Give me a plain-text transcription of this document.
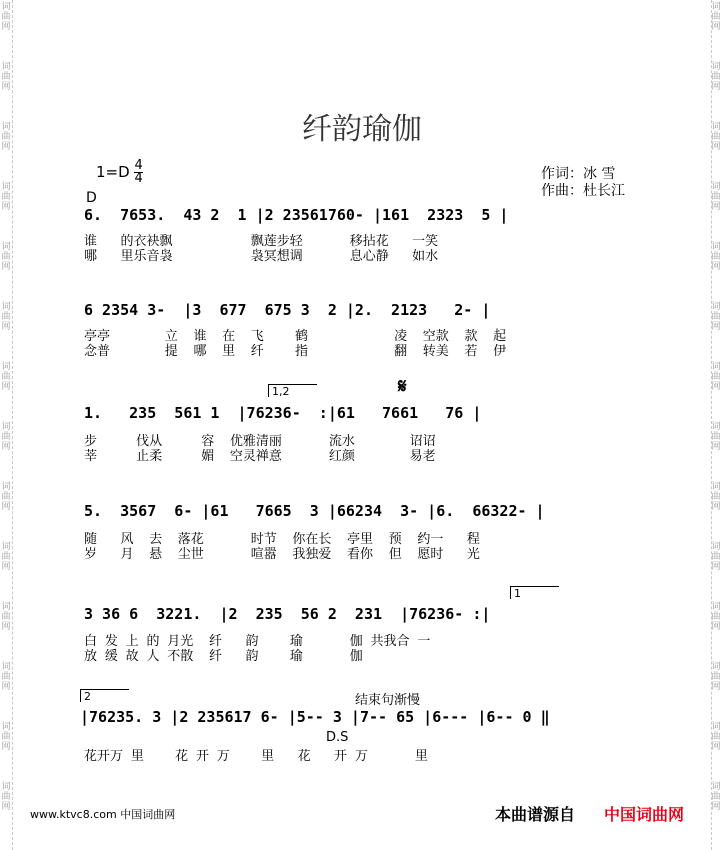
词
曲
网
词
曲
网
词
曲
网
词
曲
网
词
曲
网
词
曲
网
词
曲
网
词
曲
网
词
曲
网
词
曲
网
词
曲
网
词
曲
网
词
曲
网
词
曲
网
词
曲
网
词
曲
网
词
曲
网
词
曲
网
词
曲
网
词
曲
网
词
曲
网
词
曲
网
词
曲
网
词
曲
网
词
曲
网
词
曲
网
词
曲
网
词
曲
网
纤韵瑜伽
$1=D \frac{4}{4}$	作词：冰 雪
作曲：杜长江
D
6.  7653.  43 2  1 |2 23561760- |161  2323  5 |
谁   的衣袂飘          飘莲步轻      移拈花   一笑
哪   里乐音袅          袅冥想调      息心静   如水
6 2354 3-  |3  677  675 3  2 |2.  2123   2- |
亭亭       立  谁  在  飞    鹤           凌  空款  款  起
念普       提  哪  里  纤    指           翻  转美  若  伊
1,2	𝄋
1.   235  561 1  |76236-  :|61   7661   76 |
步     伐从     容  优雅清丽      流水       诏诏
莘     止柔     媚  空灵禅意      红颜       易老
5.  3567  6- |61   7665  3 |66234  3- |6.  66322- |
随   风  去  落花      时节  你在长  亭里  预  约一   程
岁   月  悬  尘世      喧嚣  我独爱  看你  但  愿时   光
1
3 36 6  3221.  |2  235  56 2  231  |76236- :|
白 发 上 的 月光  纤   韵    瑜      伽 共我合 一
放 缓 故 人 不散  纤   韵    瑜      伽
2	结束句渐慢
|76235. 3 |2 235617 6- |5-- 3 |7-- 65 |6--- |6-- 0 ‖
D.S
花开万 里    花 开 万    里   花   开 万      里
www.ktvc8.com 中国词曲网	本曲谱源自 中国词曲网
